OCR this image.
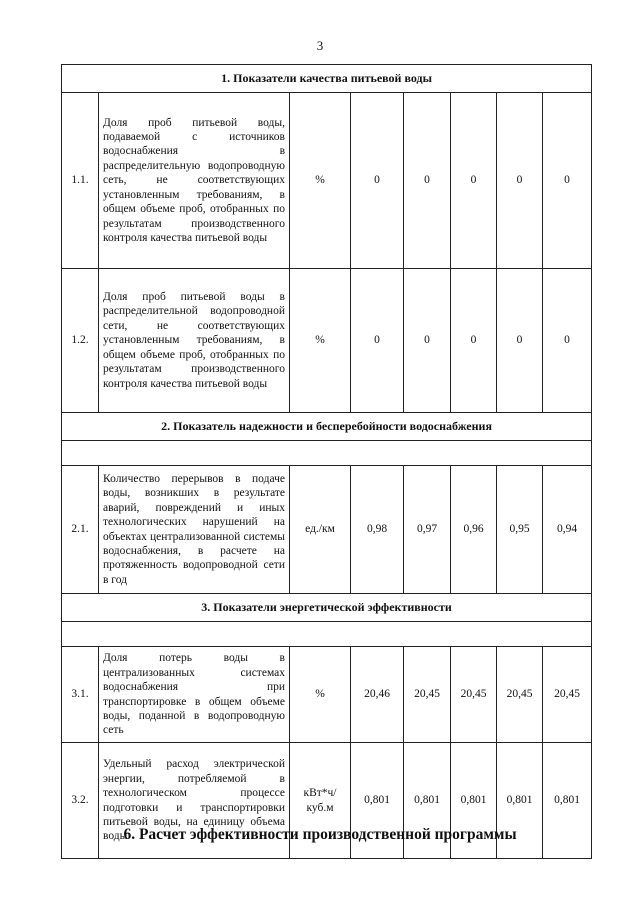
3
1. Показатели качества питьевой воды							
1.1.	Доля проб питьевой воды, подаваемой с источников водоснабжения в распределительную водопроводную сеть, не соответствующих установленным требованиям, в общем объеме проб, отобранных по результатам производственного контроля качества питьевой воды	%	0	0	0	0	0
1.2.	Доля проб питьевой воды в распределительной водопроводной сети, не соответствующих установленным требованиям, в общем объеме проб, отобранных по результатам производственного контроля качества питьевой воды	%	0	0	0	0	0
2. Показатель надежности и бесперебойности водоснабжения							

2.1.	Количество перерывов в подаче воды, возникших в результате аварий, повреждений и иных технологических нарушений на объектах централизованной системы водоснабжения, в расчете на протяженность водопроводной сети в год	ед./км	0,98	0,97	0,96	0,95	0,94
3. Показатели энергетической эффективности							

3.1.	Доля потерь воды в централизованных системах водоснабжения при транспортировке в общем объеме воды, поданной в водопроводную сеть	%	20,46	20,45	20,45	20,45	20,45
3.2.	Удельный расход электрической энергии, потребляемой в технологическом процессе подготовки и транспортировки питьевой воды, на единицу объема воды	кВт*ч/ куб.м	0,801	0,801	0,801	0,801	0,801
6. Расчет эффективности производственной программы
